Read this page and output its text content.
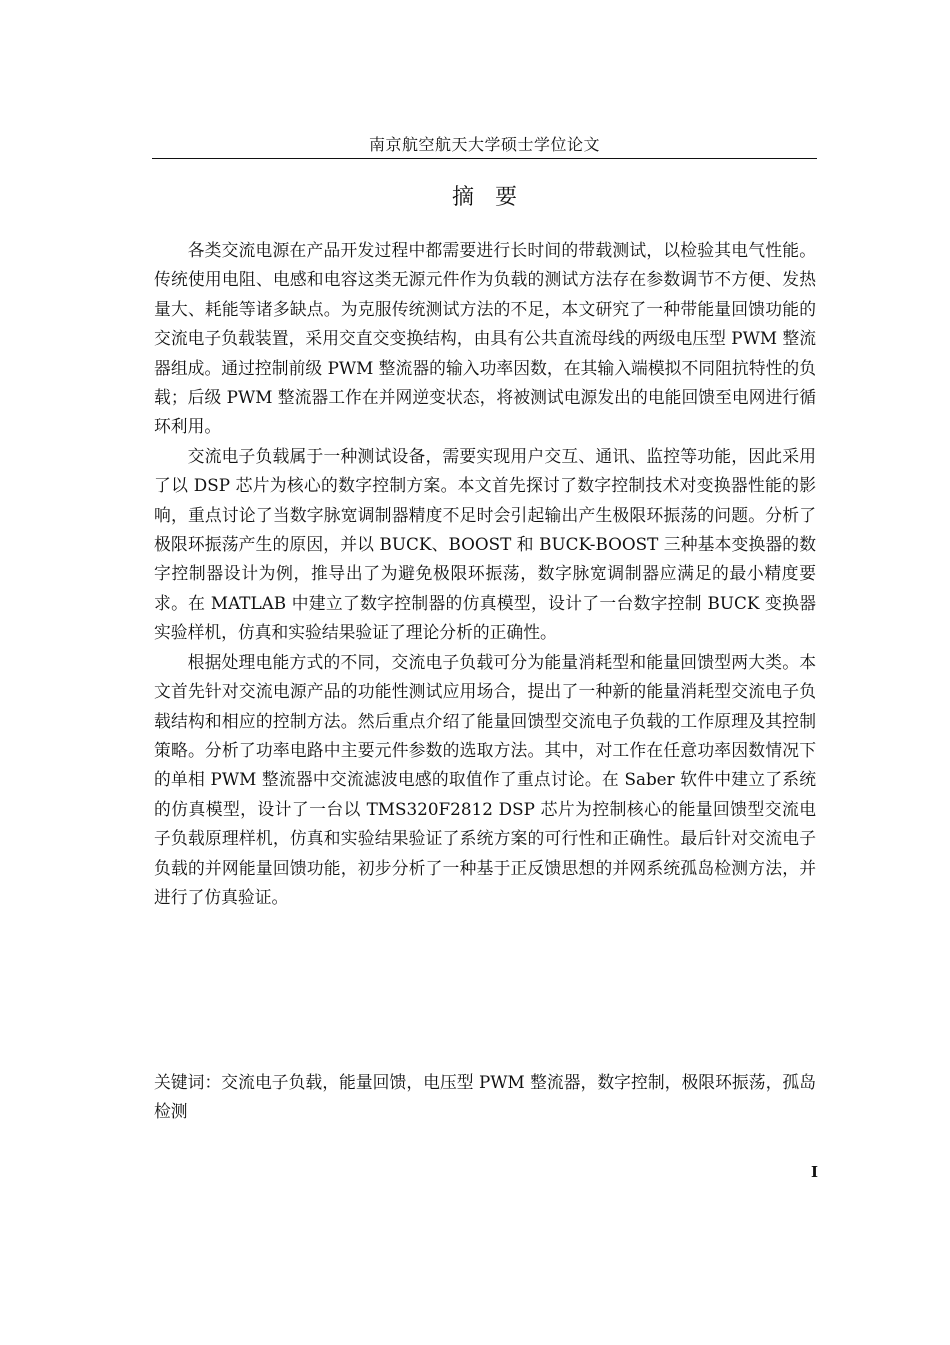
南京航空航天大学硕士学位论文
摘 要

各类交流电源在产品开发过程中都需要进行长时间的带载测试，以检验其电气性能。传统使用电阻、电感和电容这类无源元件作为负载的测试方法存在参数调节不方便、发热量大、耗能等诸多缺点。为克服传统测试方法的不足，本文研究了一种带能量回馈功能的交流电子负载装置，采用交直交变换结构，由具有公共直流母线的两级电压型 PWM 整流器组成。通过控制前级 PWM 整流器的输入功率因数，在其输入端模拟不同阻抗特性的负载；后级 PWM 整流器工作在并网逆变状态，将被测试电源发出的电能回馈至电网进行循环利用。

交流电子负载属于一种测试设备，需要实现用户交互、通讯、监控等功能，因此采用了以 DSP 芯片为核心的数字控制方案。本文首先探讨了数字控制技术对变换器性能的影响，重点讨论了当数字脉宽调制器精度不足时会引起输出产生极限环振荡的问题。分析了极限环振荡产生的原因，并以 BUCK、BOOST 和 BUCK-BOOST 三种基本变换器的数字控制器设计为例，推导出了为避免极限环振荡，数字脉宽调制器应满足的最小精度要求。在 MATLAB 中建立了数字控制器的仿真模型，设计了一台数字控制 BUCK 变换器实验样机，仿真和实验结果验证了理论分析的正确性。

根据处理电能方式的不同，交流电子负载可分为能量消耗型和能量回馈型两大类。本文首先针对交流电源产品的功能性测试应用场合，提出了一种新的能量消耗型交流电子负载结构和相应的控制方法。然后重点介绍了能量回馈型交流电子负载的工作原理及其控制策略。分析了功率电路中主要元件参数的选取方法。其中，对工作在任意功率因数情况下的单相 PWM 整流器中交流滤波电感的取值作了重点讨论。在 Saber 软件中建立了系统的仿真模型，设计了一台以 TMS320F2812 DSP 芯片为控制核心的能量回馈型交流电子负载原理样机，仿真和实验结果验证了系统方案的可行性和正确性。最后针对交流电子负载的并网能量回馈功能，初步分析了一种基于正反馈思想的并网系统孤岛检测方法，并进行了仿真验证。

关键词：交流电子负载，能量回馈，电压型 PWM 整流器，数字控制，极限环振荡，孤岛检测
I
